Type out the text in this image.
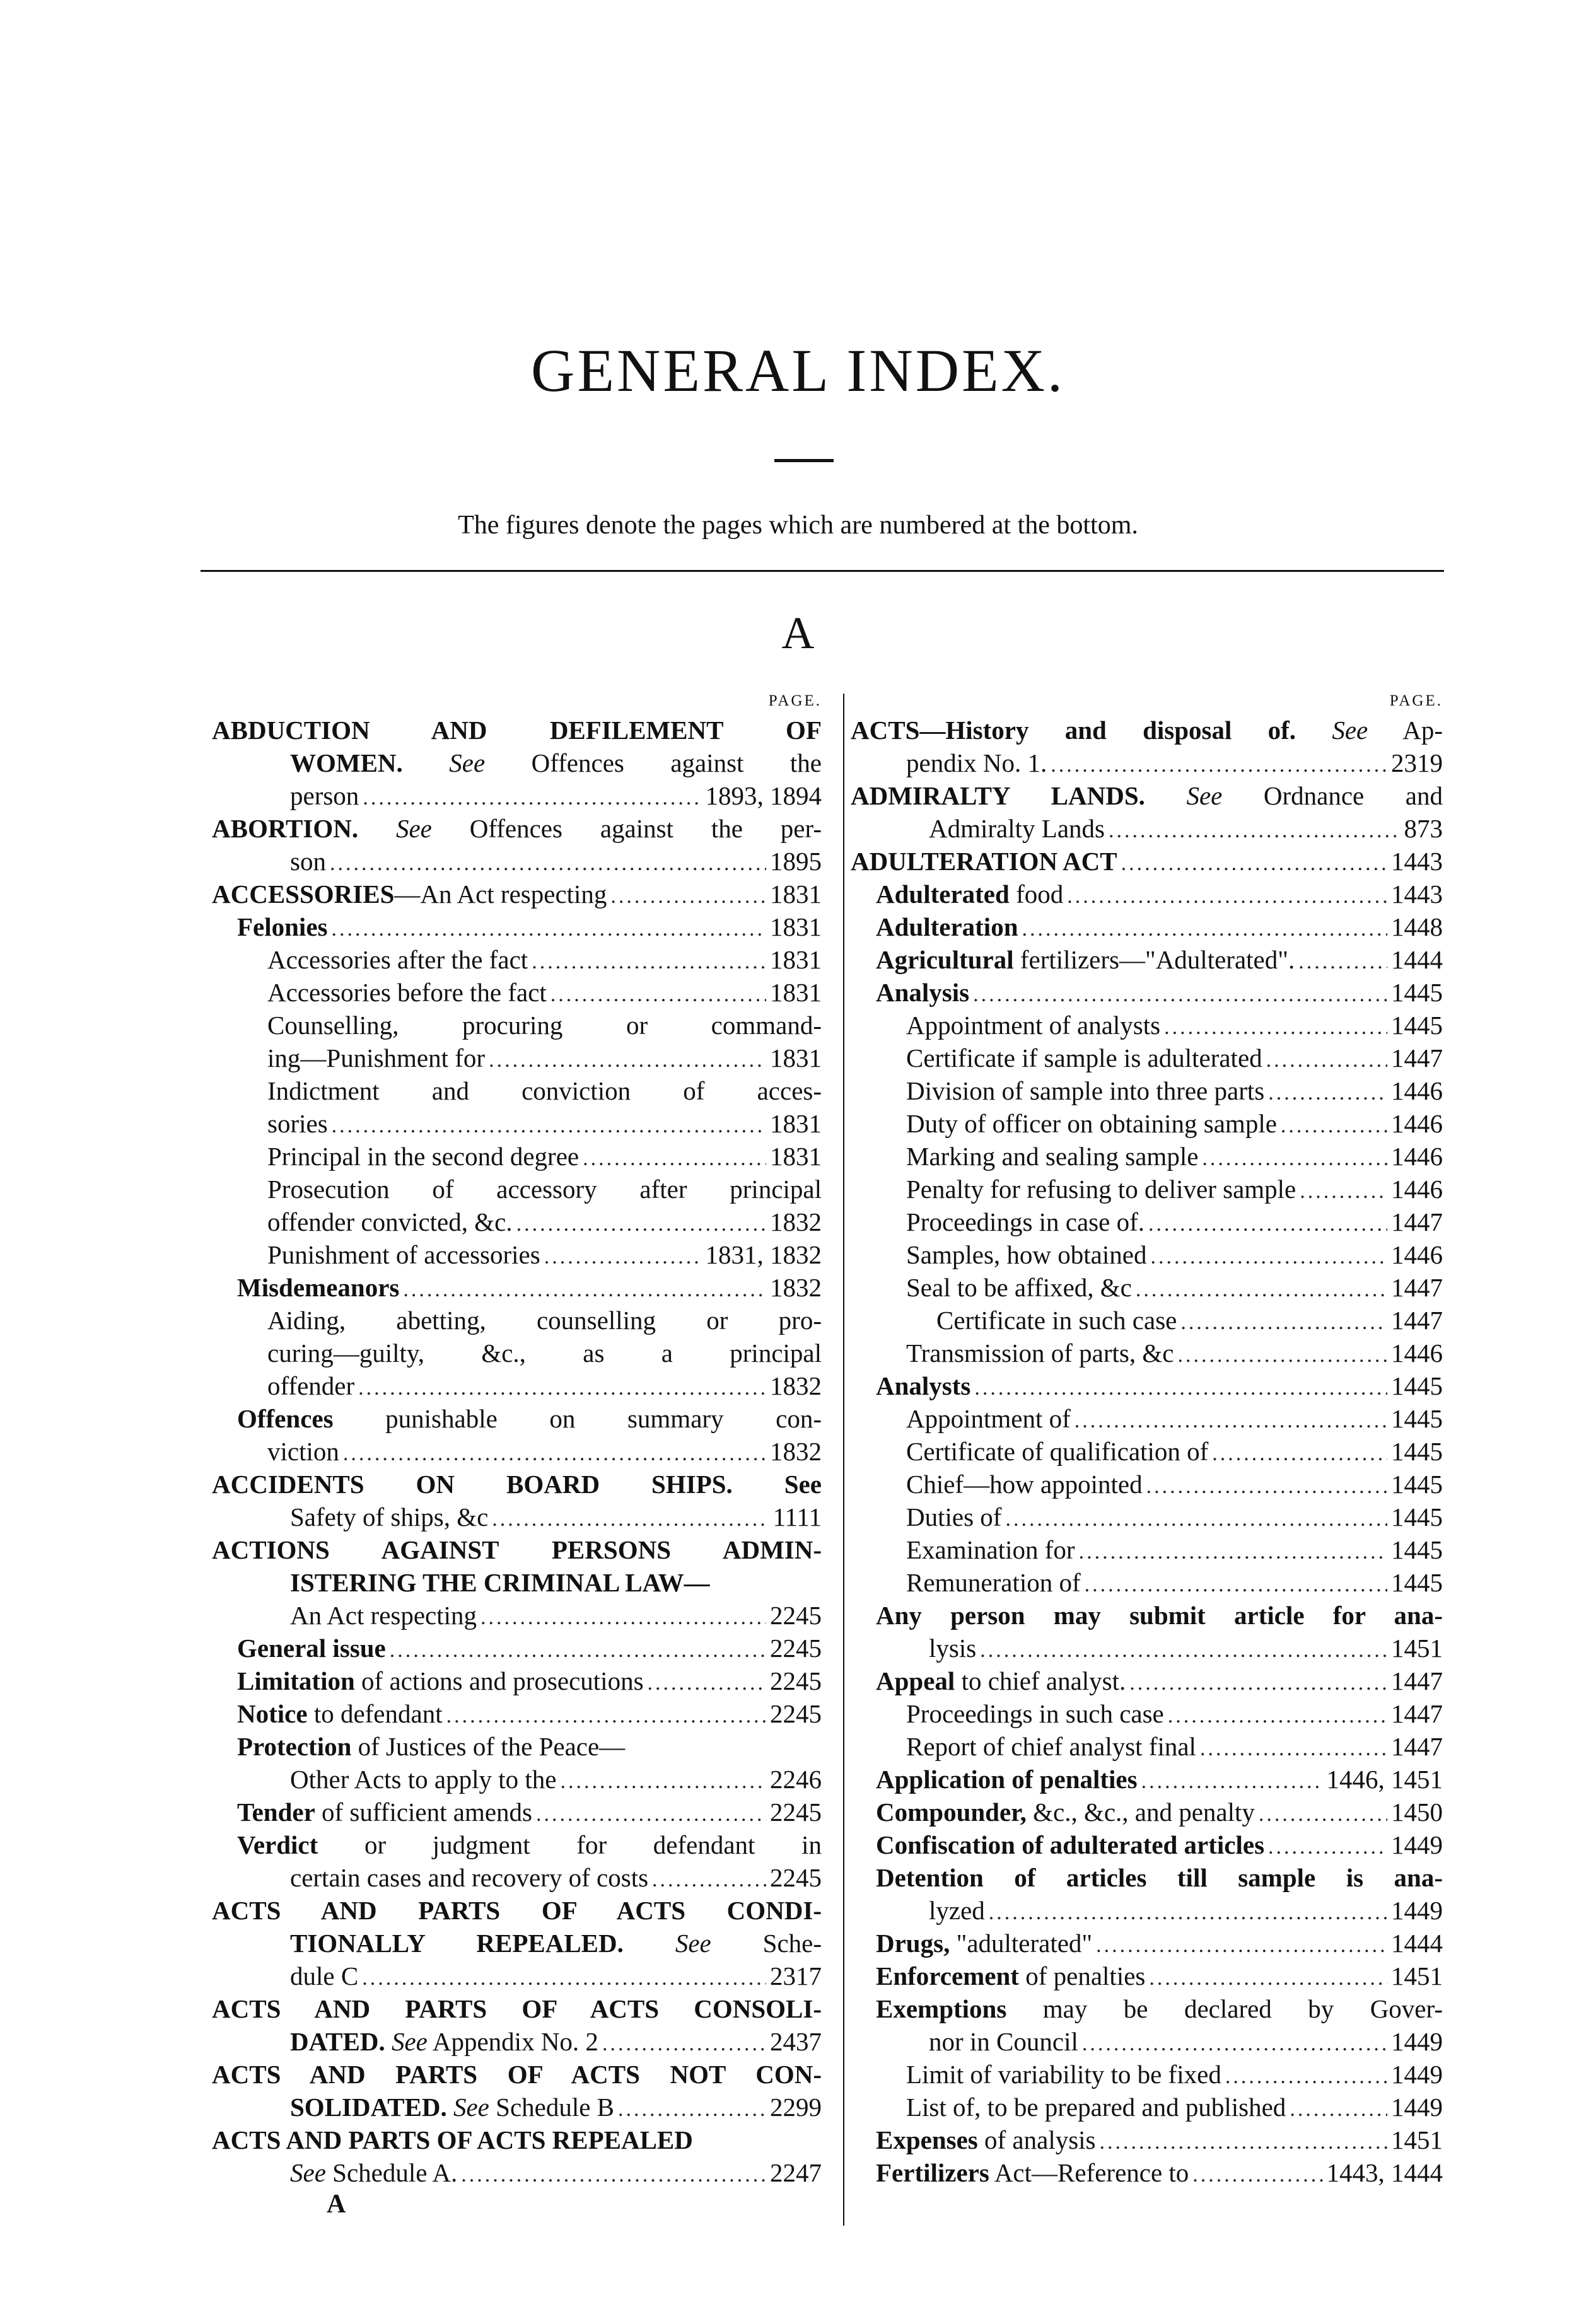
GENERAL INDEX.
The figures denote the pages which are numbered at the bottom.
A
PAGE.
ABDUCTION AND DEFILEMENT OF
WOMEN. See Offences against the
person .....	1893, 1894
ABORTION. See Offences against the per-
son .....	1895
ACCESSORIES—An Act respecting .....	1831
Felonies .....	1831
Accessories after the fact .....	1831
Accessories before the fact .....	1831
Counselling, procuring or command-
ing—Punishment for .....	1831
Indictment and conviction of acces-
sories .....	1831
Principal in the second degree .....	1831
Prosecution of accessory after principal
offender convicted, &c. .....	1832
Punishment of accessories .....	1831, 1832
Misdemeanors .....	1832
Aiding, abetting, counselling or pro-
curing—guilty, &c., as a principal
offender .....	1832
Offences punishable on summary con-
viction .....	1832
ACCIDENTS ON BOARD SHIPS. See
Safety of ships, &c .....	1111
ACTIONS AGAINST PERSONS ADMIN-
ISTERING THE CRIMINAL LAW—
An Act respecting .....	2245
General issue .....	2245
Limitation of actions and prosecutions .....	2245
Notice to defendant .....	2245
Protection of Justices of the Peace—
Other Acts to apply to the .....	2246
Tender of sufficient amends .....	2245
Verdict or judgment for defendant in
certain cases and recovery of costs .....	2245
ACTS AND PARTS OF ACTS CONDI-
TIONALLY REPEALED. See Sche-
dule C .....	2317
ACTS AND PARTS OF ACTS CONSOLI-
DATED. See Appendix No. 2 .....	2437
ACTS AND PARTS OF ACTS NOT CON-
SOLIDATED. See Schedule B .....	2299
ACTS AND PARTS OF ACTS REPEALED
See Schedule A. .....	2247
PAGE.
ACTS—History and disposal of. See Ap-
pendix No. 1. .....	2319
ADMIRALTY LANDS. See Ordnance and
Admiralty Lands .....	873
ADULTERATION ACT .....	1443
Adulterated food .....	1443
Adulteration .....	1448
Agricultural fertilizers—"Adulterated". .....	1444
Analysis .....	1445
Appointment of analysts .....	1445
Certificate if sample is adulterated .....	1447
Division of sample into three parts .....	1446
Duty of officer on obtaining sample .....	1446
Marking and sealing sample .....	1446
Penalty for refusing to deliver sample .....	1446
Proceedings in case of. .....	1447
Samples, how obtained .....	1446
Seal to be affixed, &c .....	1447
Certificate in such case .....	1447
Transmission of parts, &c .....	1446
Analysts .....	1445
Appointment of .....	1445
Certificate of qualification of .....	1445
Chief—how appointed .....	1445
Duties of .....	1445
Examination for .....	1445
Remuneration of .....	1445
Any person may submit article for ana-
lysis .....	1451
Appeal to chief analyst. .....	1447
Proceedings in such case .....	1447
Report of chief analyst final .....	1447
Application of penalties .....	1446, 1451
Compounder, &c., &c., and penalty .....	1450
Confiscation of adulterated articles .....	1449
Detention of articles till sample is ana-
lyzed .....	1449
Drugs, "adulterated" .....	1444
Enforcement of penalties .....	1451
Exemptions may be declared by Gover-
nor in Council .....	1449
Limit of variability to be fixed .....	1449
List of, to be prepared and published .....	1449
Expenses of analysis .....	1451
Fertilizers Act—Reference to .....	1443, 1444
A
